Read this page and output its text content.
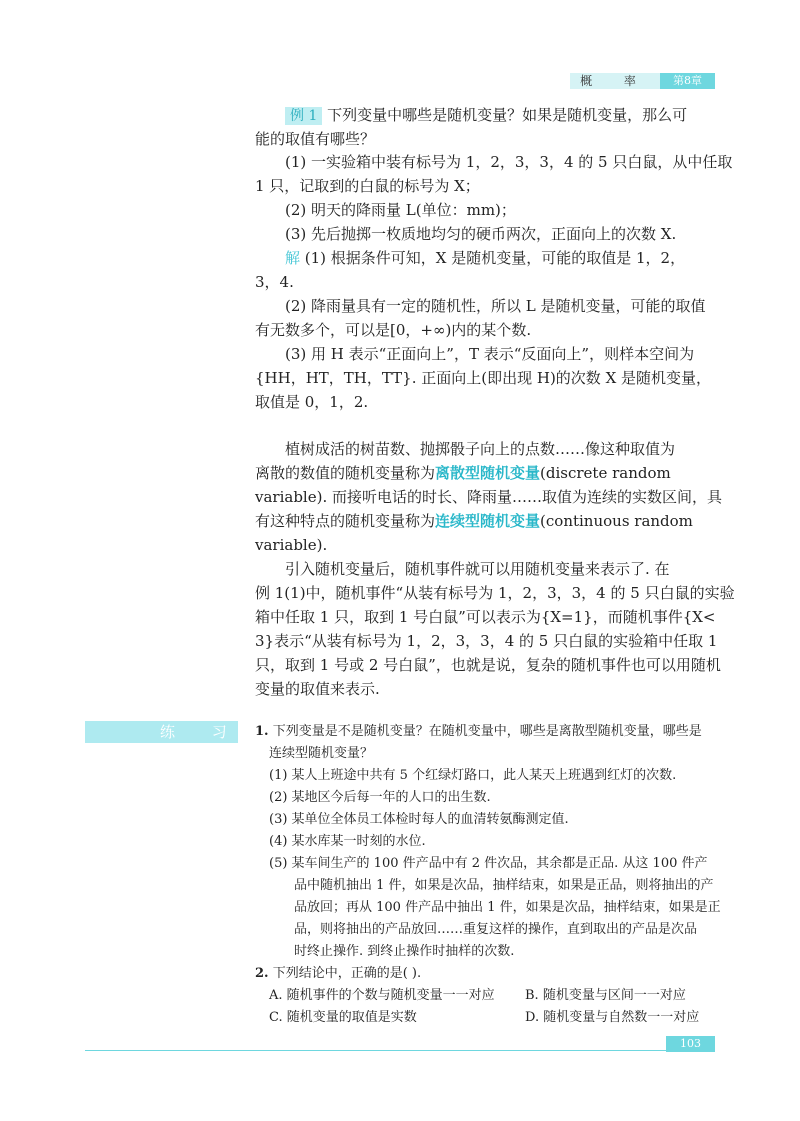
概 率	第8章
例 1 下列变量中哪些是随机变量？如果是随机变量，那么可
能的取值有哪些？
(1) 一实验箱中装有标号为 1，2，3，3，4 的 5 只白鼠，从中任取
1 只，记取到的白鼠的标号为 X；
(2) 明天的降雨量 L(单位：mm)；
(3) 先后抛掷一枚质地均匀的硬币两次，正面向上的次数 X.
解 (1) 根据条件可知，X 是随机变量，可能的取值是 1，2，
3，4.
(2) 降雨量具有一定的随机性，所以 L 是随机变量，可能的取值
有无数多个，可以是[0，+∞)内的某个数.
(3) 用 H 表示“正面向上”，T 表示“反面向上”，则样本空间为
{HH，HT，TH，TT}. 正面向上(即出现 H)的次数 X 是随机变量，
取值是 0，1，2.
植树成活的树苗数、抛掷骰子向上的点数……像这种取值为
离散的数值的随机变量称为离散型随机变量(discrete random
variable). 而接听电话的时长、降雨量……取值为连续的实数区间，具
有这种特点的随机变量称为连续型随机变量(continuous random
variable).
引入随机变量后，随机事件就可以用随机变量来表示了. 在
例 1(1)中，随机事件“从装有标号为 1，2，3，3，4 的 5 只白鼠的实验
箱中任取 1 只，取到 1 号白鼠”可以表示为{X=1}，而随机事件{X<
3}表示“从装有标号为 1，2，3，3，4 的 5 只白鼠的实验箱中任取 1
只，取到 1 号或 2 号白鼠”，也就是说，复杂的随机事件也可以用随机
变量的取值来表示.
练 习 1. 下列变量是不是随机变量？在随机变量中，哪些是离散型随机变量，哪些是
连续型随机变量？
(1) 某人上班途中共有 5 个红绿灯路口，此人某天上班遇到红灯的次数.
(2) 某地区今后每一年的人口的出生数.
(3) 某单位全体员工体检时每人的血清转氨酶测定值.
(4) 某水库某一时刻的水位.
(5) 某车间生产的 100 件产品中有 2 件次品，其余都是正品. 从这 100 件产
品中随机抽出 1 件，如果是次品，抽样结束，如果是正品，则将抽出的产
品放回；再从 100 件产品中抽出 1 件，如果是次品，抽样结束，如果是正
品，则将抽出的产品放回……重复这样的操作，直到取出的产品是次品
时终止操作. 到终止操作时抽样的次数.
2. 下列结论中，正确的是( ).
A. 随机事件的个数与随机变量一一对应 B. 随机变量与区间一一对应
C. 随机变量的取值是实数	D. 随机变量与自然数一一对应
103
